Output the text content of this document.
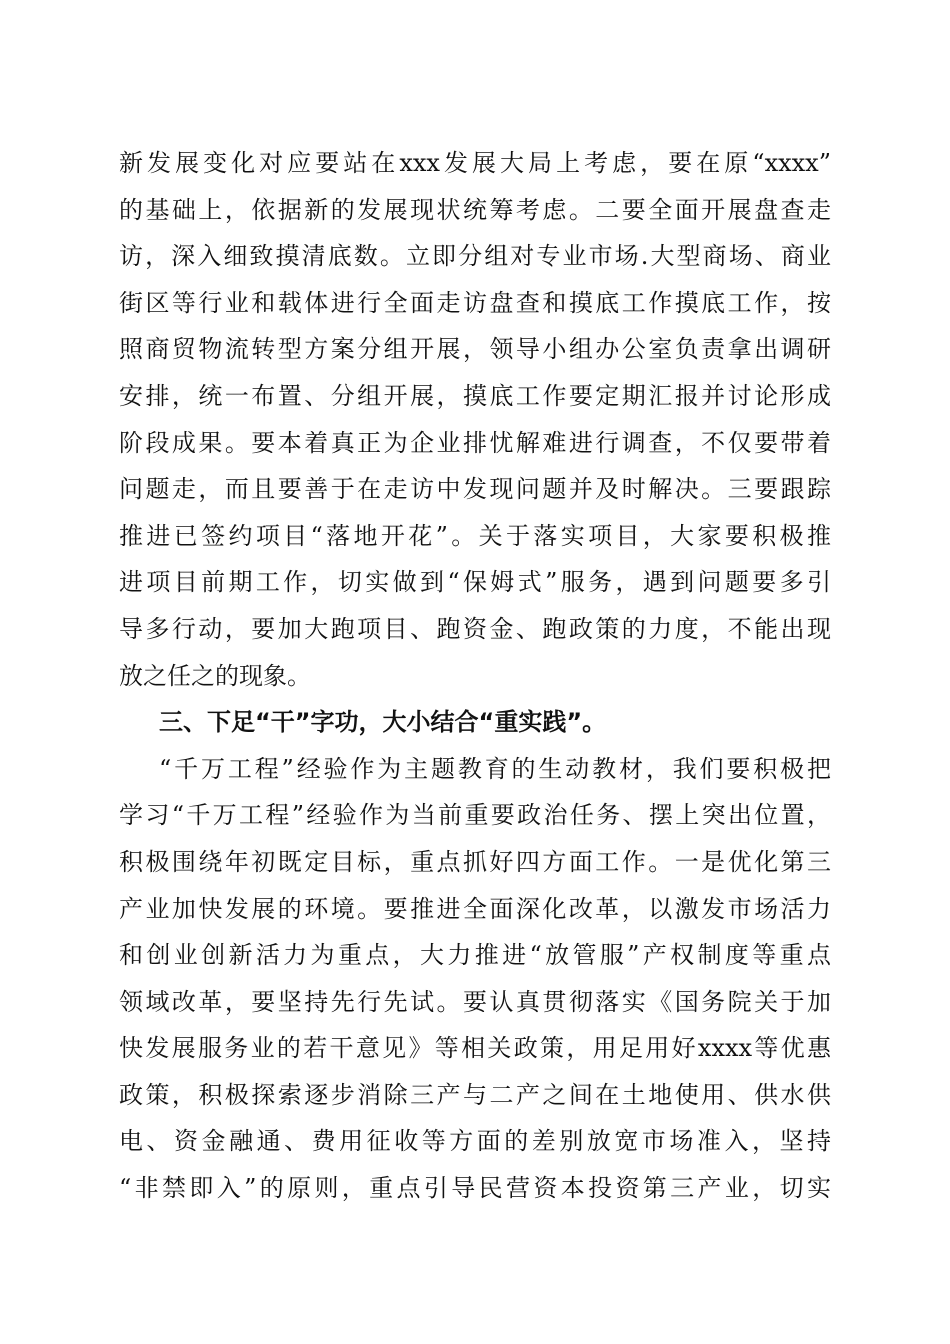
新发展变化对应要站在xxx发展大局上考虑，要在原“xxxx”
的基础上，依据新的发展现状统筹考虑。二要全面开展盘查走
访，深入细致摸清底数。立即分组对专业市场.大型商场、商业
街区等行业和载体进行全面走访盘查和摸底工作摸底工作，按
照商贸物流转型方案分组开展，领导小组办公室负责拿出调研
安排，统一布置、分组开展，摸底工作要定期汇报并讨论形成
阶段成果。要本着真正为企业排忧解难进行调查，不仅要带着
问题走，而且要善于在走访中发现问题并及时解决。三要跟踪
推进已签约项目“落地开花”。关于落实项目，大家要积极推
进项目前期工作，切实做到“保姆式”服务，遇到问题要多引
导多行动，要加大跑项目、跑资金、跑政策的力度，不能出现
放之任之的现象。
三、下足“干”字功，大小结合“重实践”。
“千万工程”经验作为主题教育的生动教材，我们要积极把
学习“千万工程”经验作为当前重要政治任务、摆上突出位置，
积极围绕年初既定目标，重点抓好四方面工作。一是优化第三
产业加快发展的环境。要推进全面深化改革，以激发市场活力
和创业创新活力为重点，大力推进“放管服”产权制度等重点
领域改革，要坚持先行先试。要认真贯彻落实《国务院关于加
快发展服务业的若干意见》等相关政策，用足用好xxxx等优惠
政策，积极探索逐步消除三产与二产之间在土地使用、供水供
电、资金融通、费用征收等方面的差别放宽市场准入，坚持
“非禁即入”的原则，重点引导民营资本投资第三产业，切实
